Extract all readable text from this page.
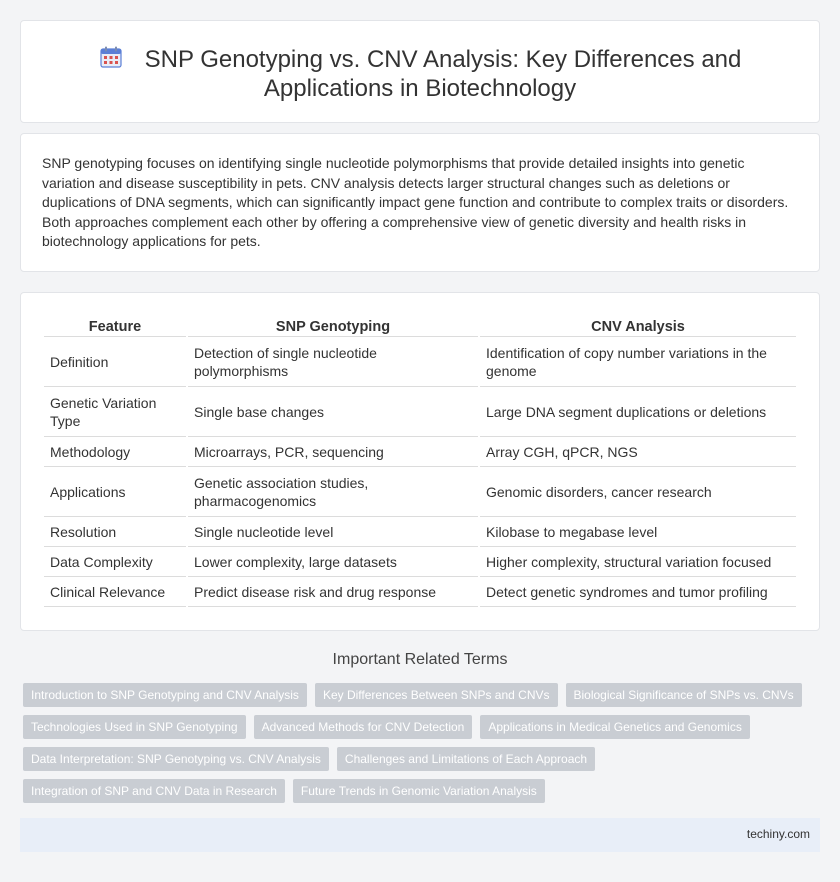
SNP Genotyping vs. CNV Analysis: Key Differences and
Applications in Biotechnology

SNP genotyping focuses on identifying single nucleotide polymorphisms that provide detailed insights into genetic variation and disease susceptibility in pets. CNV analysis detects larger structural changes such as deletions or duplications of DNA segments, which can significantly impact gene function and contribute to complex traits or disorders. Both approaches complement each other by offering a comprehensive view of genetic diversity and health risks in biotechnology applications for pets.

Feature	SNP Genotyping	CNV Analysis
Definition	Detection of single nucleotide polymorphisms	Identification of copy number variations in the genome
Genetic Variation Type	Single base changes	Large DNA segment duplications or deletions
Methodology	Microarrays, PCR, sequencing	Array CGH, qPCR, NGS
Applications	Genetic association studies, pharmacogenomics	Genomic disorders, cancer research
Resolution	Single nucleotide level	Kilobase to megabase level
Data Complexity	Lower complexity, large datasets	Higher complexity, structural variation focused
Clinical Relevance	Predict disease risk and drug response	Detect genetic syndromes and tumor profiling
Important Related Terms
Introduction to SNP Genotyping and CNV Analysis	Key Differences Between SNPs and CNVs	Biological Significance of SNPs vs. CNVs
Technologies Used in SNP Genotyping	Advanced Methods for CNV Detection	Applications in Medical Genetics and Genomics
Data Interpretation: SNP Genotyping vs. CNV Analysis	Challenges and Limitations of Each Approach
Integration of SNP and CNV Data in Research	Future Trends in Genomic Variation Analysis
techiny.com
